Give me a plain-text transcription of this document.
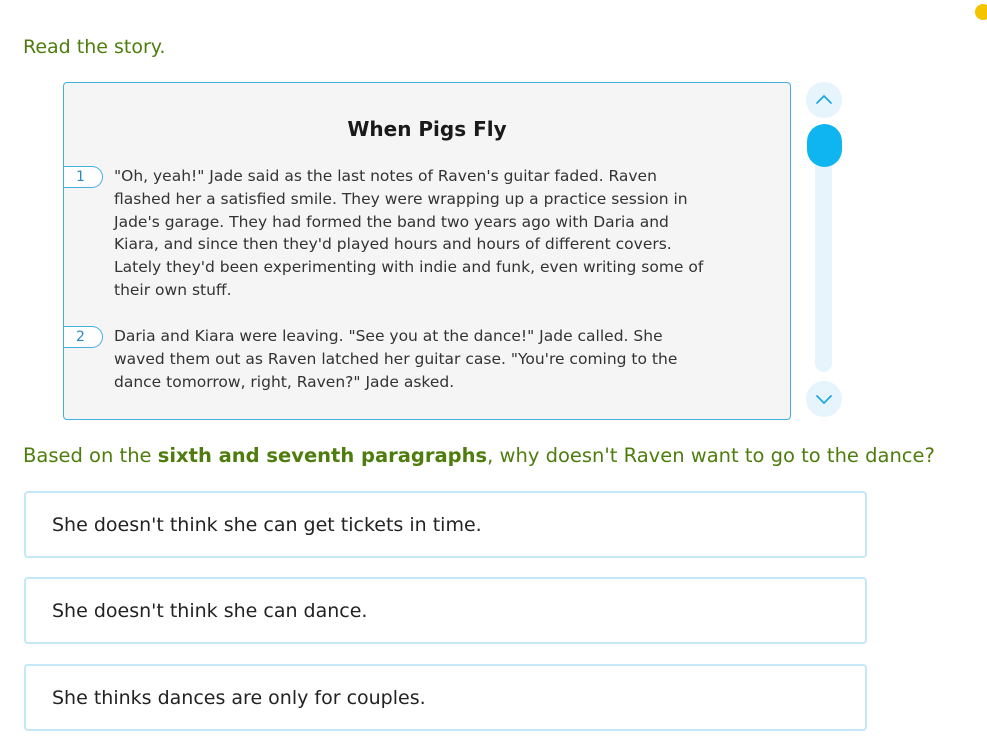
Read the story.
When Pigs Fly
1	"Oh, yeah!" Jade said as the last notes of Raven's guitar faded. Raven
flashed her a satisfied smile. They were wrapping up a practice session in
Jade's garage. They had formed the band two years ago with Daria and
Kiara, and since then they'd played hours and hours of different covers.
Lately they'd been experimenting with indie and funk, even writing some of
their own stuff.

2	Daria and Kiara were leaving. "See you at the dance!" Jade called. She
waved them out as Raven latched her guitar case. "You're coming to the
dance tomorrow, right, Raven?" Jade asked.

Based on the sixth and seventh paragraphs, why doesn't Raven want to go to the dance?
She doesn't think she can get tickets in time.
She doesn't think she can dance.
She thinks dances are only for couples.
